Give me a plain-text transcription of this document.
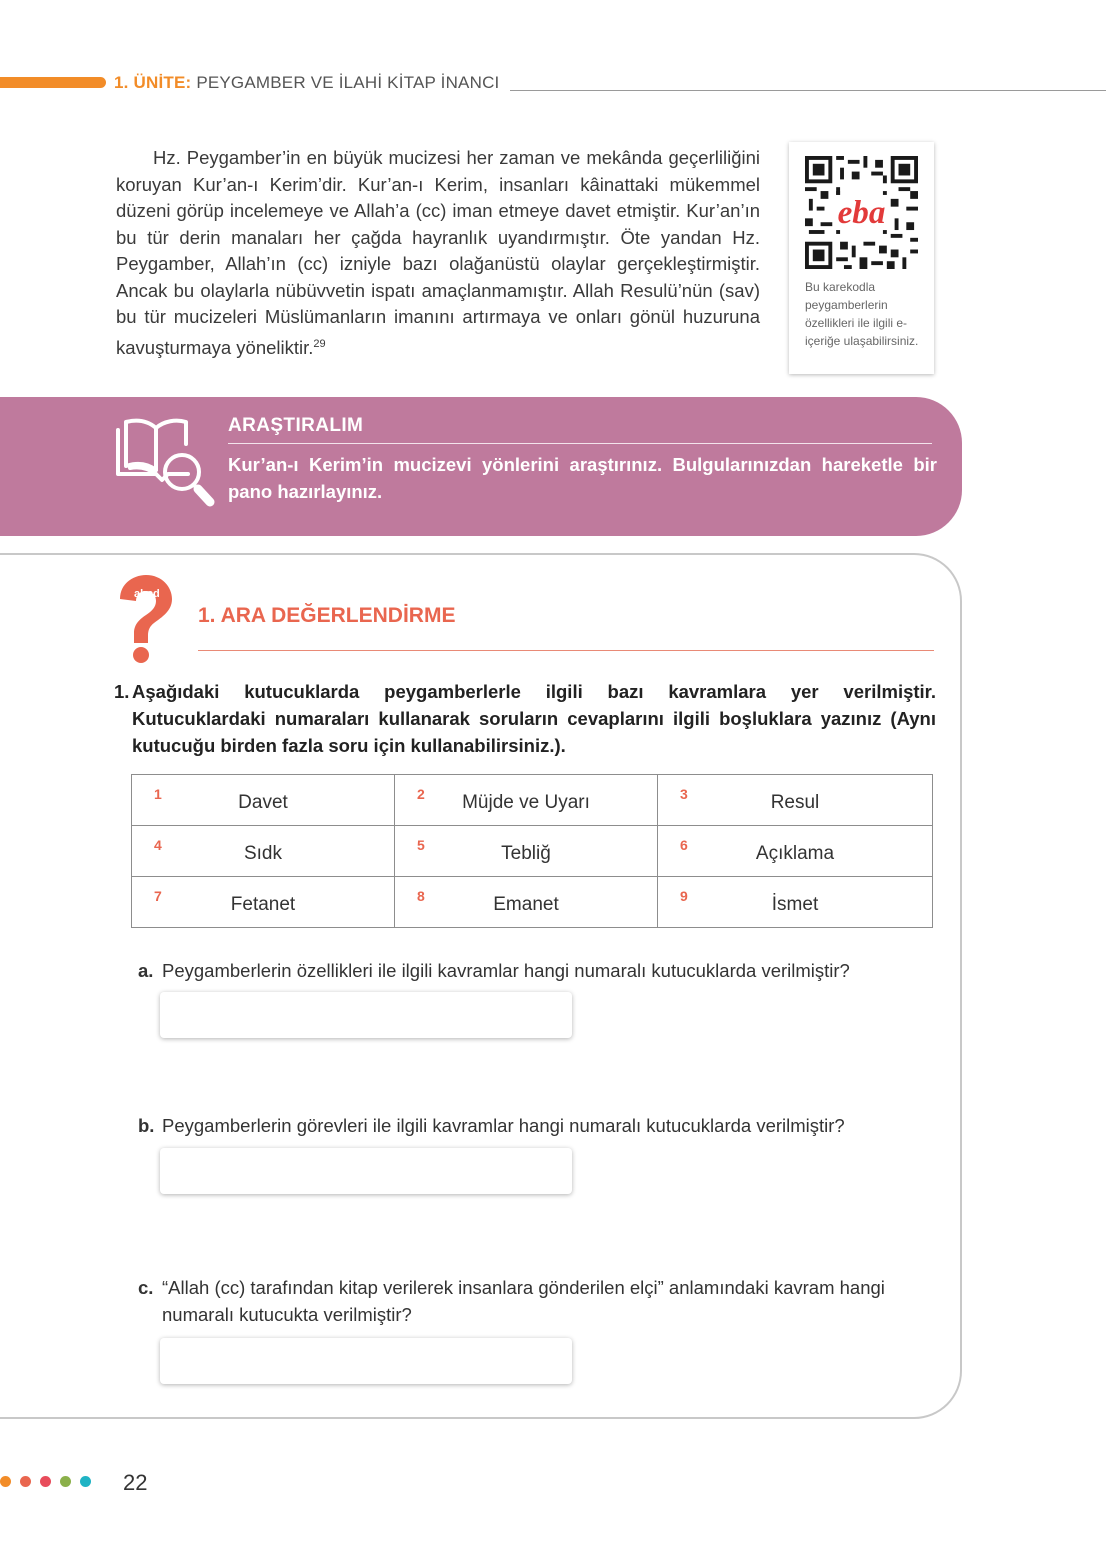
1. ÜNİTE: PEYGAMBER VE İLAHİ KİTAP İNANCI
Hz. Peygamber’in en büyük mucizesi her zaman ve mekânda geçerliliğini koruyan Kur’an-ı Kerim’dir. Kur’an-ı Kerim, insanları kâinattaki mükemmel düzeni görüp incelemeye ve Allah’a (cc) iman etmeye davet etmiştir. Kur’an’ın bu tür derin manaları her çağda hayranlık uyandırmıştır. Öte yandan Hz. Peygamber, Allah’ın (cc) izniyle bazı olağanüstü olaylar gerçekleştirmiştir. Ancak bu olaylarla nübüvvetin ispatı amaçlanmamıştır. Allah Resulü’nün (sav) bu tür mucizeleri Müslümanların imanını artırmaya ve onları gönül huzuruna kavuşturmaya yöneliktir.$^{29}$
eba
Bu karekodla peygamberlerin özellikleri ile ilgili e-içeriğe ulaşabilirsiniz.
ARAŞTIRALIM
Kur’an-ı Kerim’in mucizevi yönlerini araştırınız. Bulgularınızdan hareketle bir pano hazırlayınız.
abcd
1. ARA DEĞERLENDİRME
1. Aşağıdaki kutucuklarda peygamberlerle ilgili bazı kavramlara yer verilmiştir. Kutucuklardaki numaraları kullanarak soruların cevaplarını ilgili boşluklara yazınız (Aynı kutucuğu birden fazla soru için kullanabilirsiniz.).
1 Davet	2 Müjde ve Uyarı	3 Resul

4 Sıdk	5 Tebliğ	6 Açıklama

7 Fetanet	8 Emanet	9 İsmet
a. Peygamberlerin özellikleri ile ilgili kavramlar hangi numaralı kutucuklarda verilmiştir?
b. Peygamberlerin görevleri ile ilgili kavramlar hangi numaralı kutucuklarda verilmiştir?
c. “Allah (cc) tarafından kitap verilerek insanlara gönderilen elçi” anlamındaki kavram hangi numaralı kutucukta verilmiştir?
22
